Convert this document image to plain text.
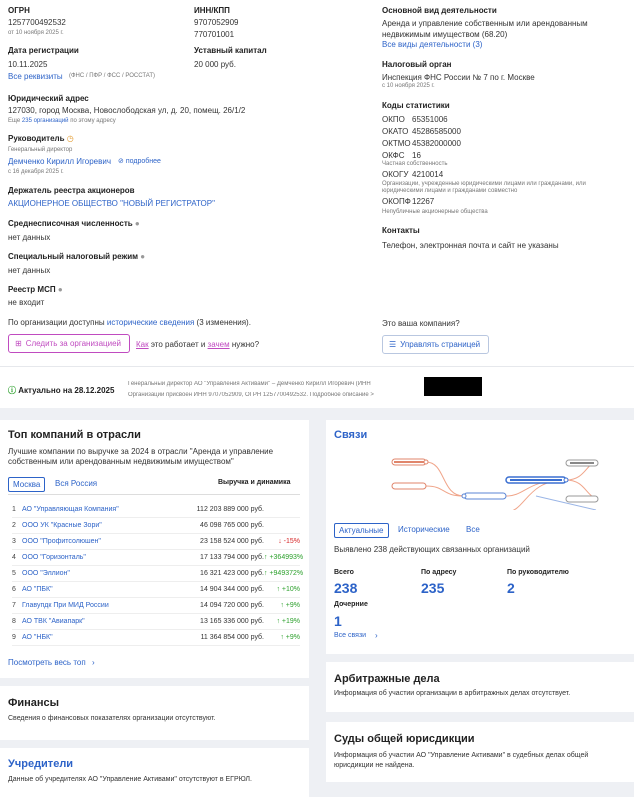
ОГРН
1257700492532
от 10 ноября 2025 г.
ИНН/КПП
9707052909
770701001
Дата регистрации
10.11.2025
Уставный капитал
20 000 руб.
Все реквизиты (ФНС / ПФР / ФСС / РОССТАТ)
Юридический адрес
127030, город Москва, Новослободская ул, д. 20, помещ. 26/1/2
Еще 235 организаций по этому адресу
Руководитель ◷
Генеральный директор
Демченко Кирилл Игоревич ⊘ подробнее
с 16 декабря 2025 г.
Держатель реестра акционеров
АКЦИОНЕРНОЕ ОБЩЕСТВО "НОВЫЙ РЕГИСТРАТОР"
Среднесписочная численность ●
нет данных
Специальный налоговый режим ●
нет данных
Реестр МСП ●
не входит
По организации доступны исторические сведения (3 изменения).
⊞ Следить за организацией Как это работает и зачем нужно?
Основной вид деятельности
Аренда и управление собственным или арендованным недвижимым имуществом (68.20)
Все виды деятельности (3)
Налоговый орган
Инспекция ФНС России № 7 по г. Москве
с 10 ноября 2025 г.
Коды статистики
ОКПО 65351006
ОКАТО 45286585000
ОКТМО45382000000
ОКФС 16
Частная собственность
ОКОГУ 4210014
Организации, учрежденные юридическими лицами или гражданами, или юридическими лицами и гражданами совместно
ОКОПФ12267
Непубличные акционерные общества
Контакты
Телефон, электронная почта и сайт не указаны
Это ваша компания?
☰ Управлять страницей
ⓘ Актуально на 28.12.2025
Генеральный директор АО "Управления Активами" – Демченко Кирилл Игоревич (ИНН
Организации присвоен ИНН 9707052909, ОГРН 1257700492532. Подробное описание >
Топ компаний в отрасли
Лучшие компании по выручке за 2024 в отрасли "Аренда и управление собственным или арендованным недвижимым имуществом"
Москва	Вся Россия	Выручка и динамика
1 АО "Управляющая Компания"	112 203 889 000 руб.
2 ООО УК "Красные Зори"	46 098 765 000 руб.
3 ООО "Профитсолюшен"	23 158 524 000 руб.	↓ -15%
4 ООО "Горизонталь"	17 133 794 000 руб. ↑ +364993%
5 ООО "Эллион"	16 321 423 000 руб. ↑ +949372%
6 АО "ПБК"	14 904 344 000 руб.	↑ +10%
7 Главупдк При МИД России	14 094 720 000 руб.	↑ +9%
8 АО ТВК "Авиапарк"	13 165 336 000 руб.	↑ +19%
9 АО "НБК"	11 364 854 000 руб.	↑ +9%
Посмотреть весь топ ›
Связи
Актуальные	Исторические	Все
Выявлено 238 действующих связанных организаций
Всего
238
По адресу
235
По руководителю
2
Дочерние
1
Все связи ›
Финансы
Сведения о финансовых показателях организации отсутствуют.
Учредители
Данные об учредителях АО "Управление Активами" отсутствуют в ЕГРЮЛ.
Арбитражные дела
Информация об участии организации в арбитражных делах отсутствует.
Суды общей юрисдикции
Информация об участии АО "Управление Активами" в судебных делах общей юрисдикции не найдена.
